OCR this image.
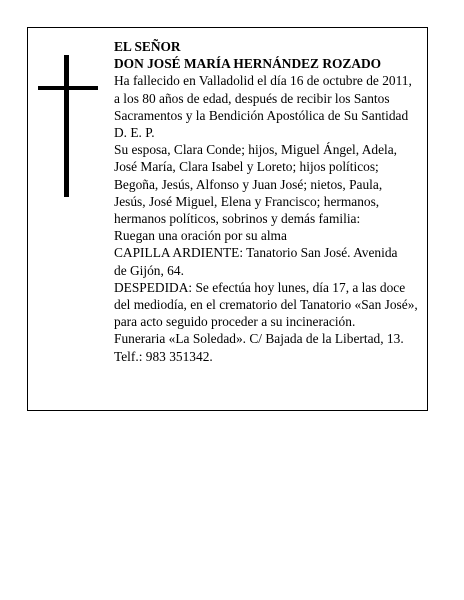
EL SEÑOR
DON JOSÉ MARÍA HERNÁNDEZ ROZADO
Ha fallecido en Valladolid el día 16 de octubre de 2011,
a los 80 años de edad, después de recibir los Santos
Sacramentos y la Bendición Apostólica de Su Santidad
D. E. P.
Su esposa, Clara Conde; hijos, Miguel Ángel, Adela,
José María, Clara Isabel y Loreto; hijos políticos;
Begoña, Jesús, Alfonso y Juan José; nietos, Paula,
Jesús, José Miguel, Elena y Francisco; hermanos,
hermanos políticos, sobrinos y demás familia:
Ruegan una oración por su alma
CAPILLA ARDIENTE: Tanatorio San José. Avenida
de Gijón, 64.
DESPEDIDA: Se efectúa hoy lunes, día 17, a las doce
del mediodía, en el crematorio del Tanatorio «San José»,
para acto seguido proceder a su incineración.
Funeraria «La Soledad». C/ Bajada de la Libertad, 13.
Telf.: 983 351342.
